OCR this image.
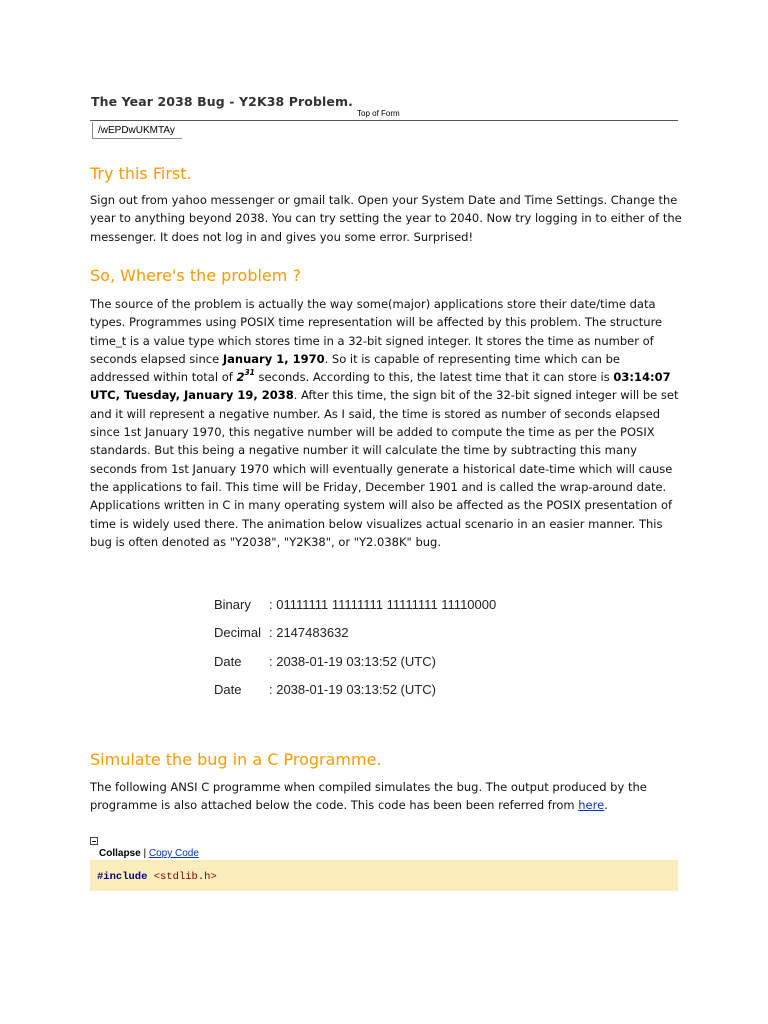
The Year 2038 Bug - Y2K38 Problem.
Top of Form
/wEPDwUKMTAy
Try this First.

Sign out from yahoo messenger or gmail talk. Open your System Date and Time Settings. Change the year to anything beyond 2038. You can try setting the year to 2040. Now try logging in to either of the messenger. It does not log in and gives you some error. Surprised!

So, Where's the problem ?

The source of the problem is actually the way some(major) applications store their date/time data types. Programmes using POSIX time representation will be affected by this problem. The structure time_t is a value type which stores time in a 32-bit signed integer. It stores the time as number of seconds elapsed since January 1, 1970. So it is capable of representing time which can be addressed within total of $2^{31}$ seconds. According to this, the latest time that it can store is 03:14:07 UTC, Tuesday, January 19, 2038. After this time, the sign bit of the 32-bit signed integer will be set and it will represent a negative number. As I said, the time is stored as number of seconds elapsed since 1st January 1970, this negative number will be added to compute the time as per the POSIX standards. But this being a negative number it will calculate the time by subtracting this many seconds from 1st January 1970 which will eventually generate a historical date-time which will cause the applications to fail. This time will be Friday, December 1901 and is called the wrap-around date. Applications written in C in many operating system will also be affected as the POSIX presentation of time is widely used there. The animation below visualizes actual scenario in an easier manner. This bug is often denoted as "Y2038", "Y2K38", or "Y2.038K" bug.

Binary : 01111111 11111111 11111111 11110000
Decimal : 2147483632
Date : 2038-01-19 03:13:52 (UTC)
Date : 2038-01-19 03:13:52 (UTC)
Simulate the bug in a C Programme.

The following ANSI C programme when compiled simulates the bug. The output produced by the programme is also attached below the code. This code has been been referred from here.

Collapse | Copy Code
#include <stdlib.h>
